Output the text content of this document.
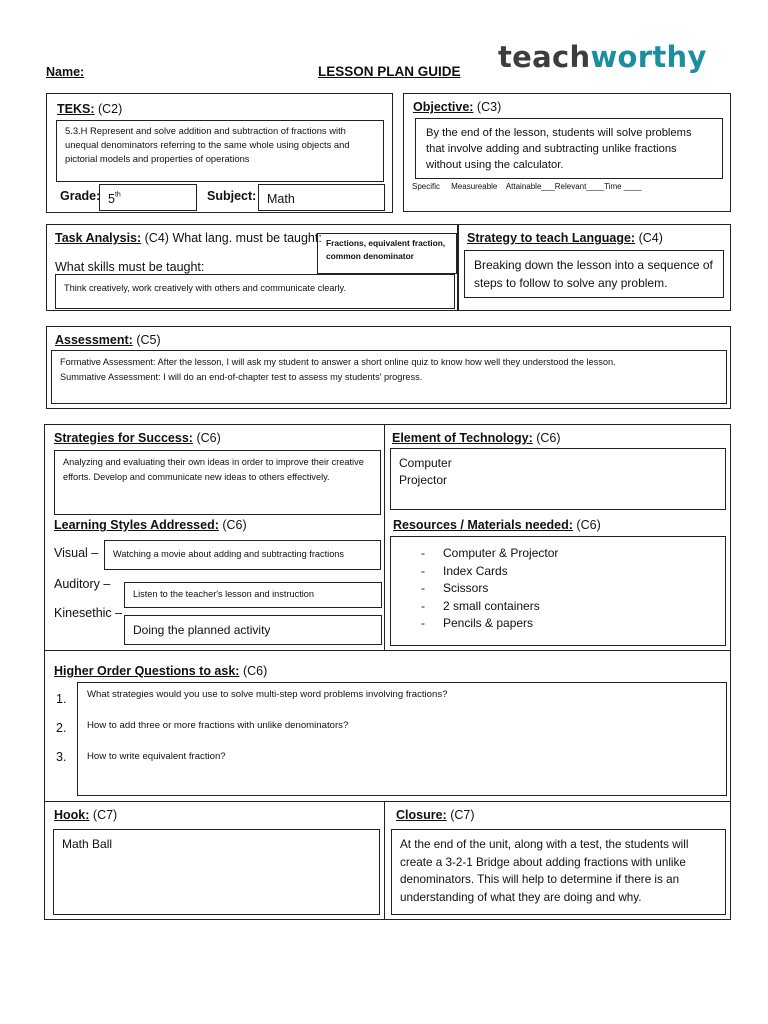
Name:	LESSON PLAN GUIDE teachworthy
TEKS: (C2)
5.3.H Represent and solve addition and subtraction of fractions with unequal denominators referring to the same whole using objects and pictorial models and properties of operations
Grade: 5th	Subject: Math
Objective: (C3)
By the end of the lesson, students will solve problems that involve adding and subtracting unlike fractions without using the calculator.
Specific     Measureable    Attainable___Relevant____Time ____
Task Analysis: (C4) What lang. must be taught:
What skills must be taught:
Fractions, equivalent fraction, common denominator
Think creatively, work creatively with others and communicate clearly.
Strategy to teach Language: (C4)
Breaking down the lesson into a sequence of steps to follow to solve any problem.
Assessment: (C5)
Formative Assessment: After the lesson, I will ask my student to answer a short online quiz to know how well they understood the lesson.
Summative Assessment: I will do an end-of-chapter test to assess my students' progress.
Strategies for Success: (C6)
Analyzing and evaluating their own ideas in order to improve their creative efforts. Develop and communicate new ideas to others effectively.
Element of Technology: (C6)
Computer
Projector
Learning Styles Addressed: (C6)
Visual – Watching a movie about adding and subtracting fractions
Auditory –
Listen to the teacher's lesson and instruction
Kinesethic –
Doing the planned activity
Resources / Materials needed: (C6)
- Computer & Projector
- Index Cards
- Scissors
- 2 small containers
- Pencils & papers
Higher Order Questions to ask: (C6)
1. What strategies would you use to solve multi-step word problems involving fractions?
2. How to add three or more fractions with unlike denominators?
3. How to write equivalent fraction?
Hook: (C7)
Math Ball
Closure: (C7)
At the end of the unit, along with a test, the students will create a 3-2-1 Bridge about adding fractions with unlike denominators. This will help to determine if there is an understanding of what they are doing and why.
